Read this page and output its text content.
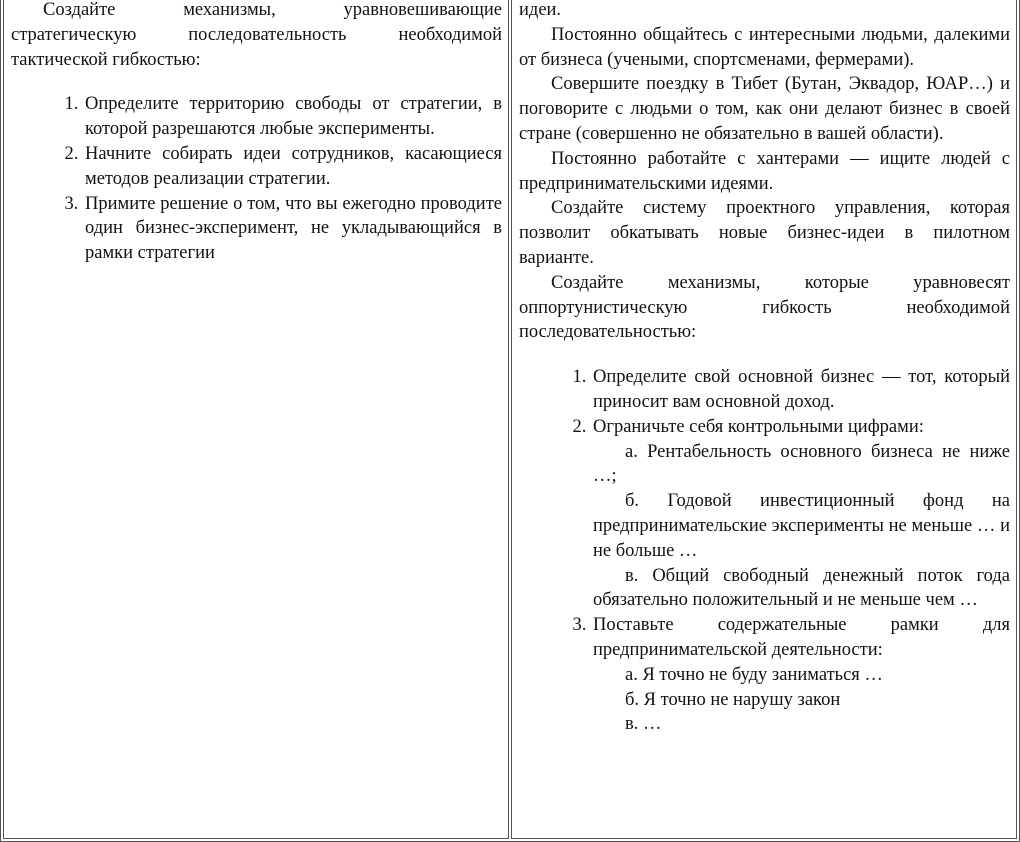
Создайте механизмы, уравновешивающие стратегическую последовательность необходимой тактической гибкостью:

1. Определите территорию свободы от стратегии, в которой разрешаются любые эксперименты.
2. Начните собирать идеи сотрудников, касающиеся методов реализации стратегии.
3. Примите решение о том, что вы ежегодно проводите один бизнес-эксперимент, не укладывающийся в рамки стратегии

идеи.

Постоянно общайтесь с интересными людьми, далекими от бизнеса (учеными, спортсменами, фермерами).

Совершите поездку в Тибет (Бутан, Эквадор, ЮАР…) и поговорите с людьми о том, как они делают бизнес в своей стране (совершенно не обязательно в вашей области).

Постоянно работайте с хантерами — ищите людей с предпринимательскими идеями.

Создайте систему проектного управления, которая позволит обкатывать новые бизнес-идеи в пилотном варианте.

Создайте механизмы, которые уравновесят оппортунистическую гибкость необходимой последовательностью:

1. Определите свой основной бизнес — тот, который приносит вам основной доход.
2. Ограничьте себя контрольными цифрами:

а. Рентабельность основного бизнеса не ниже …;

б. Годовой инвестиционный фонд на предпринимательские эксперименты не меньше … и не больше …

в. Общий свободный денежный поток года обязательно положительный и не меньше чем …

3. Поставьте содержательные рамки для предпринимательской деятельности:

а. Я точно не буду заниматься …

б. Я точно не нарушу закон

в. …
